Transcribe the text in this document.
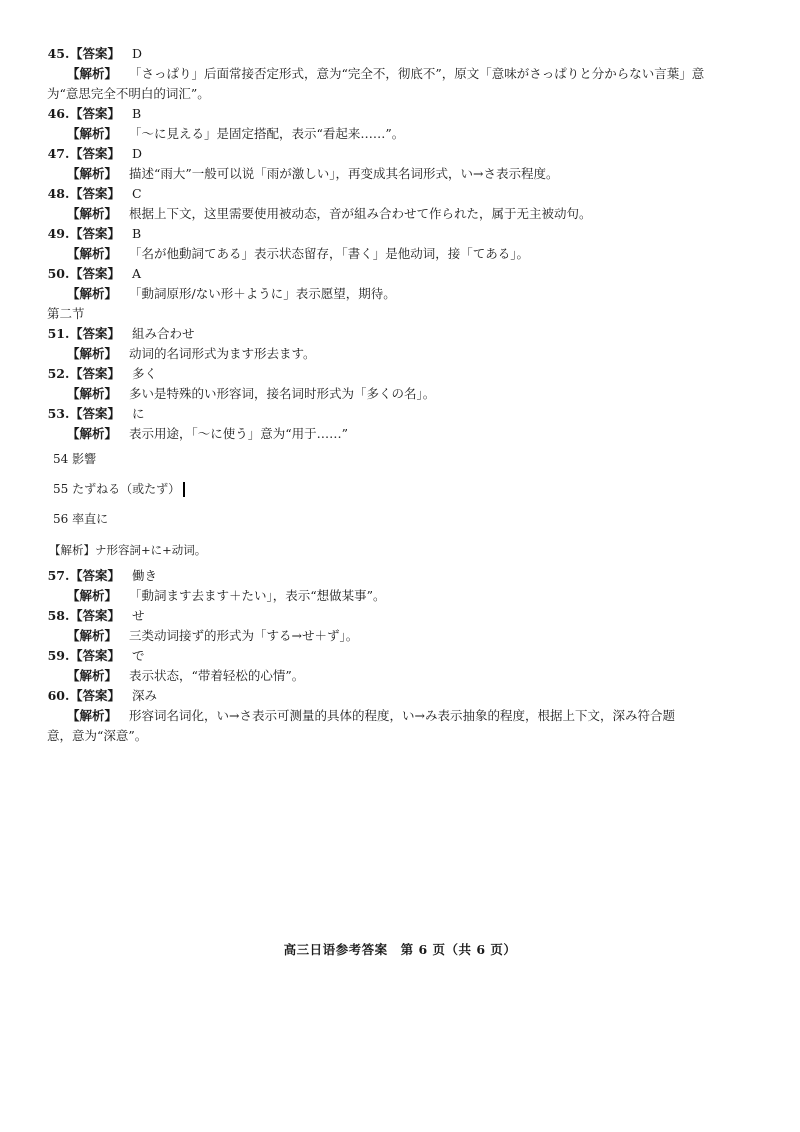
45 . 【答案】 D
【解析】 「さっぱり」后面常接否定形式，意为“完全不，彻底不”，原文「意味がさっぱりと分からない言葉」意
为“意思完全不明白的词汇”。
46 . 【答案】 B
【解析】 「～に見える」是固定搭配，表示“看起来……”。
47 . 【答案】 D
【解析】 描述“雨大”一般可以说「雨が激しい」，再变成其名词形式，い→さ表示程度。
48 . 【答案】 C
【解析】 根据上下文，这里需要使用被动态，音が組み合わせて作られた，属于无主被动句。
49 . 【答案】 B
【解析】 「名が他動詞てある」表示状态留存，「書く」是他动词，接「てある」。
50 . 【答案】 A
【解析】 「動詞原形/ない形＋ように」表示愿望，期待。
第二节
51 . 【答案】 組み合わせ
【解析】 动词的名词形式为ます形去ます。
52 . 【答案】 多く
【解析】 多い是特殊的い形容词，接名词时形式为「多くの名」。
53 . 【答案】 に
【解析】 表示用途，「～に使う」意为“用于……”
54 影響
55 たずねる（或たず）
56 率直に
【解析】ナ形容詞+に+动词。
57 . 【答案】 働き
【解析】 「動詞ます去ます＋たい」，表示“想做某事”。
58 . 【答案】 せ
【解析】 三类动词接ず的形式为「する→せ＋ず」。
59 . 【答案】 で
【解析】 表示状态，“带着轻松的心情”。
60 . 【答案】 深み
【解析】 形容词名词化，い→さ表示可测量的具体的程度，い→み表示抽象的程度，根据上下文，深み符合题
意，意为“深意”。
高三日语参考答案　第 6 页（共 6 页）
